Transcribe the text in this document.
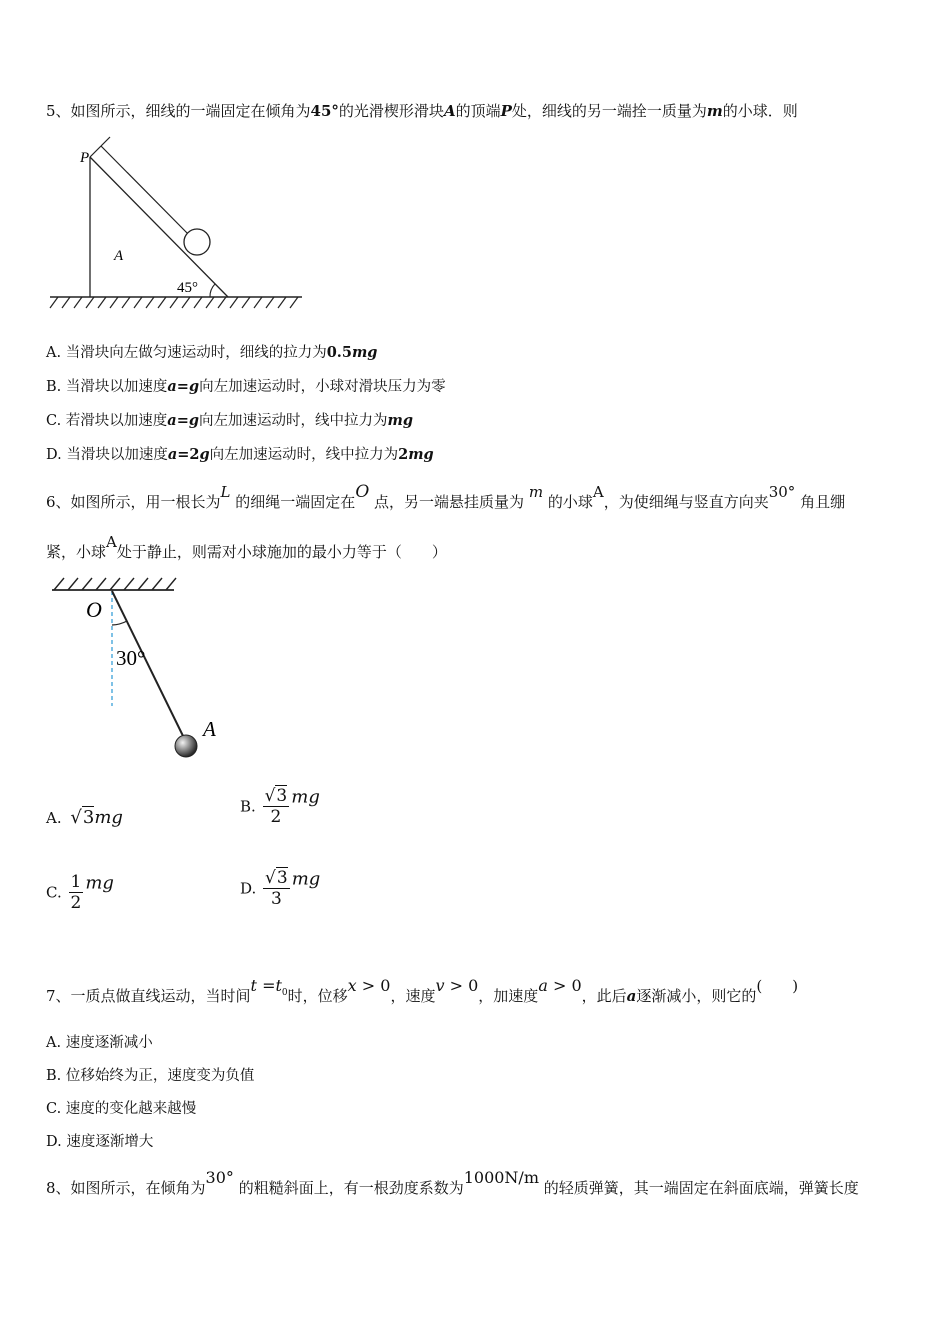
5、如图所示，细线的一端固定在倾角为45°的光滑楔形滑块A的顶端P处，细线的另一端拴一质量为m的小球．则
P
A
45°
A. 当滑块向左做匀速运动时，细线的拉力为0.5mg
B. 当滑块以加速度a=g向左加速运动时，小球对滑块压力为零
C. 若滑块以加速度a=g向左加速运动时，线中拉力为mg
D. 当滑块以加速度a=2g向左加速运动时，线中拉力为2mg
6、如图所示，用一根长为L 的细绳一端固定在O 点，另一端悬挂质量为 m 的小球A，为使细绳与竖直方向夹30° 角且绷
紧，小球A处于静止，则需对小球施加的最小力等于（ ）
O
30°
A
A. √3mg
B. $\frac{√3}{2}$ mg
C. $\frac{1}{2}$ mg	D. $\frac{√3}{3}$ mg
7、一质点做直线运动，当时间$t =t_0$时，位移x > 0，速度v > 0，加速度a > 0，此后a逐渐减小，则它的( )
A. 速度逐渐减小
B. 位移始终为正，速度变为负值
C. 速度的变化越来越慢
D. 速度逐渐增大
8、如图所示，在倾角为30° 的粗糙斜面上，有一根劲度系数为1000N/m 的轻质弹簧，其一端固定在斜面底端，弹簧长度
